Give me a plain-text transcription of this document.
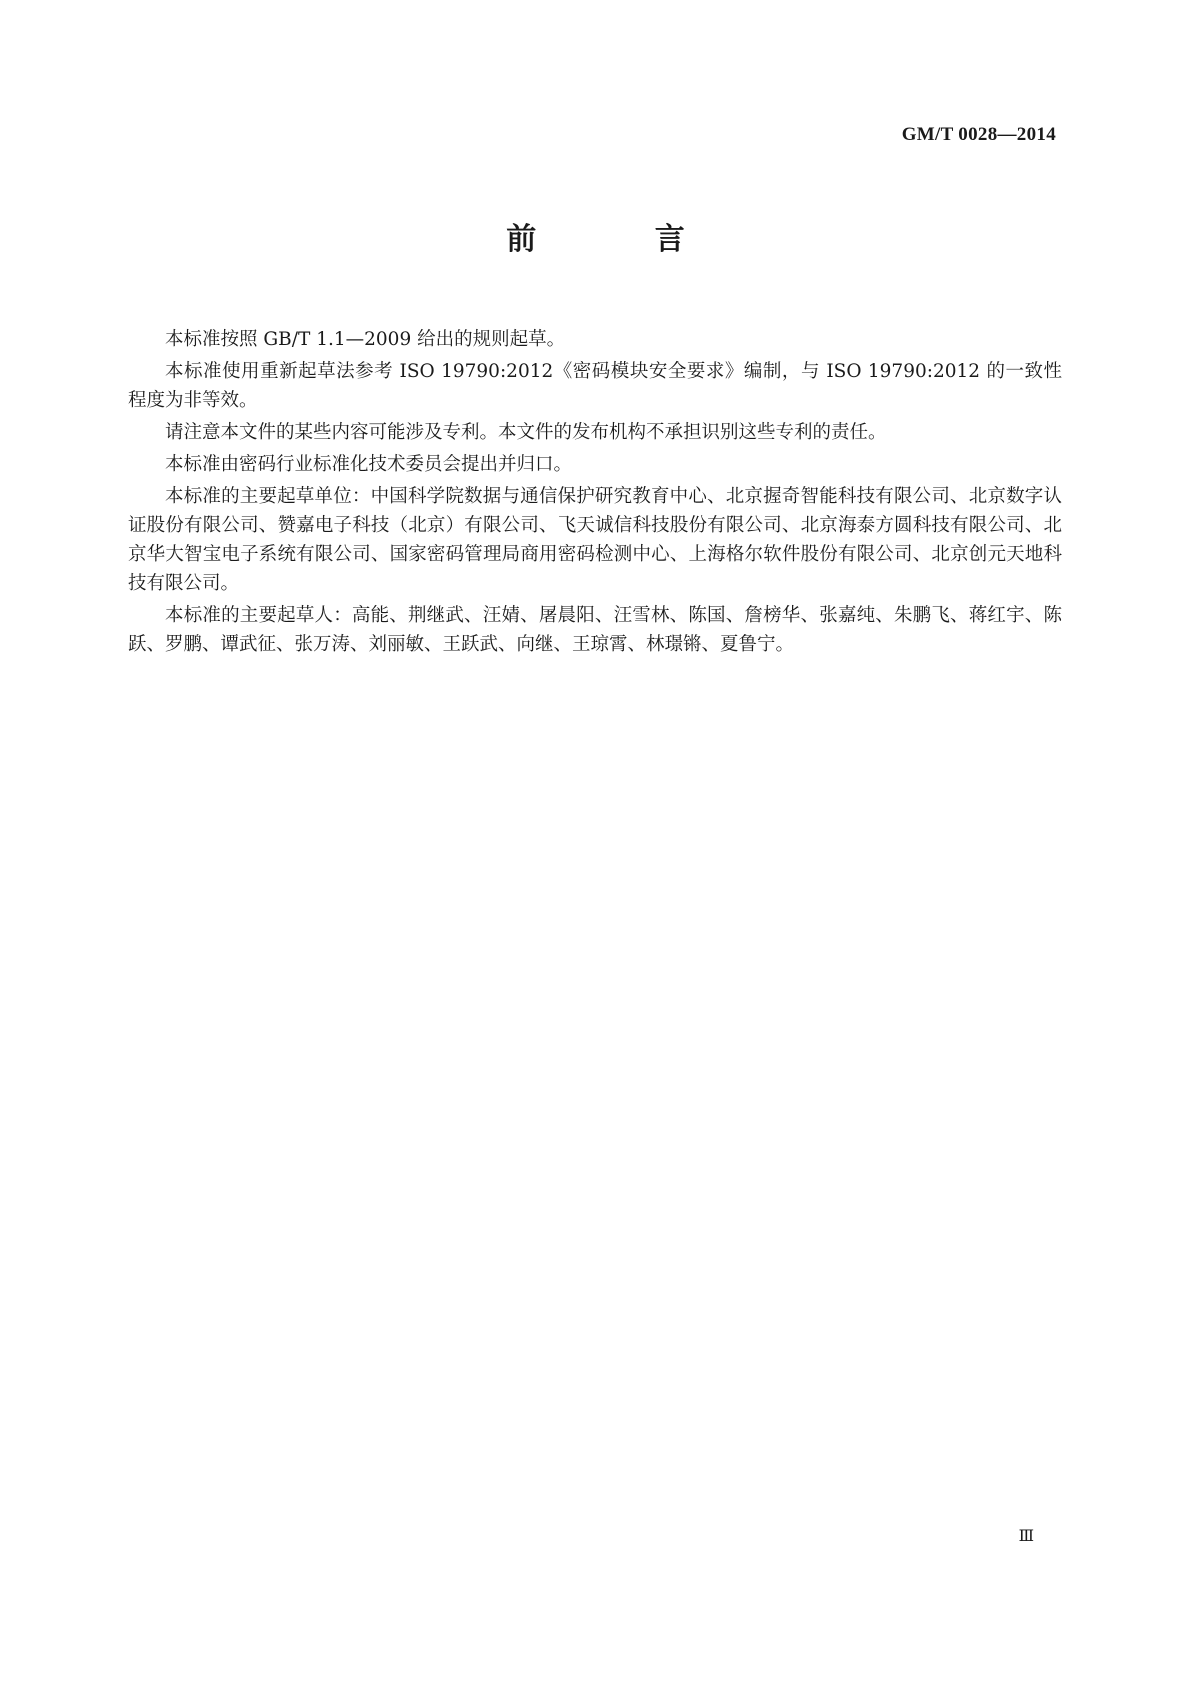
GM/T 0028—2014
前 言

本标准按照 GB/T 1.1—2009 给出的规则起草。

本标准使用重新起草法参考 ISO 19790:2012《密码模块安全要求》编制，与 ISO 19790:2012 的一致性程度为非等效。

请注意本文件的某些内容可能涉及专利。本文件的发布机构不承担识别这些专利的责任。

本标准由密码行业标准化技术委员会提出并归口。

本标准的主要起草单位：中国科学院数据与通信保护研究教育中心、北京握奇智能科技有限公司、北京数字认证股份有限公司、赞嘉电子科技（北京）有限公司、飞天诚信科技股份有限公司、北京海泰方圆科技有限公司、北京华大智宝电子系统有限公司、国家密码管理局商用密码检测中心、上海格尔软件股份有限公司、北京创元天地科技有限公司。

本标准的主要起草人：高能、荆继武、汪婧、屠晨阳、汪雪林、陈国、詹榜华、张嘉纯、朱鹏飞、蒋红宇、陈跃、罗鹏、谭武征、张万涛、刘丽敏、王跃武、向继、王琼霄、林璟锵、夏鲁宁。

Ⅲ
